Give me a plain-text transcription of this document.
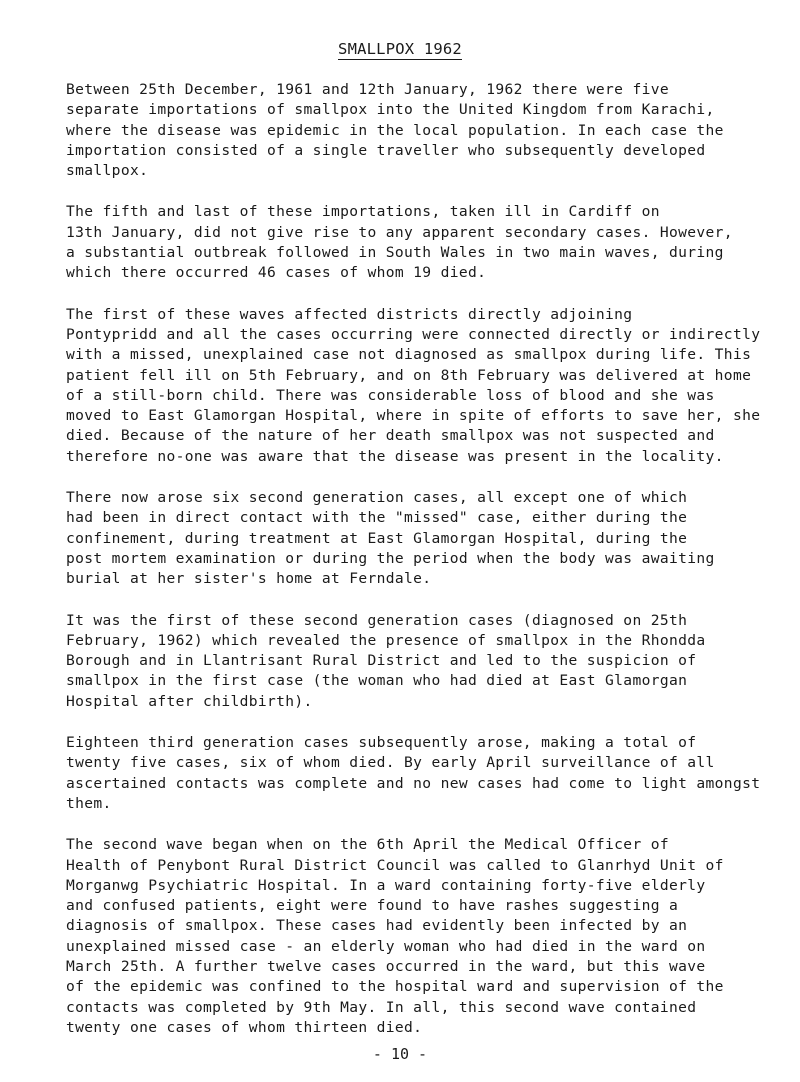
SMALLPOX 1962

Between 25th December, 1961 and 12th January, 1962 there were five
separate importations of smallpox into the United Kingdom from Karachi,
where the disease was epidemic in the local population. In each case the
importation consisted of a single traveller who subsequently developed
smallpox.

The fifth and last of these importations, taken ill in Cardiff on
13th January, did not give rise to any apparent secondary cases. However,
a substantial outbreak followed in South Wales in two main waves, during
which there occurred 46 cases of whom 19 died.

The first of these waves affected districts directly adjoining
Pontypridd and all the cases occurring were connected directly or indirectly
with a missed, unexplained case not diagnosed as smallpox during life. This
patient fell ill on 5th February, and on 8th February was delivered at home
of a still-born child. There was considerable loss of blood and she was
moved to East Glamorgan Hospital, where in spite of efforts to save her, she
died. Because of the nature of her death smallpox was not suspected and
therefore no-one was aware that the disease was present in the locality.

There now arose six second generation cases, all except one of which
had been in direct contact with the "missed" case, either during the
confinement, during treatment at East Glamorgan Hospital, during the
post mortem examination or during the period when the body was awaiting
burial at her sister's home at Ferndale.

It was the first of these second generation cases (diagnosed on 25th
February, 1962) which revealed the presence of smallpox in the Rhondda
Borough and in Llantrisant Rural District and led to the suspicion of
smallpox in the first case (the woman who had died at East Glamorgan
Hospital after childbirth).

Eighteen third generation cases subsequently arose, making a total of
twenty five cases, six of whom died. By early April surveillance of all
ascertained contacts was complete and no new cases had come to light amongst
them.

The second wave began when on the 6th April the Medical Officer of
Health of Penybont Rural District Council was called to Glanrhyd Unit of
Morganwg Psychiatric Hospital. In a ward containing forty-five elderly
and confused patients, eight were found to have rashes suggesting a
diagnosis of smallpox. These cases had evidently been infected by an
unexplained missed case - an elderly woman who had died in the ward on
March 25th. A further twelve cases occurred in the ward, but this wave
of the epidemic was confined to the hospital ward and supervision of the
contacts was completed by 9th May. In all, this second wave contained
twenty one cases of whom thirteen died.

- 10 -
